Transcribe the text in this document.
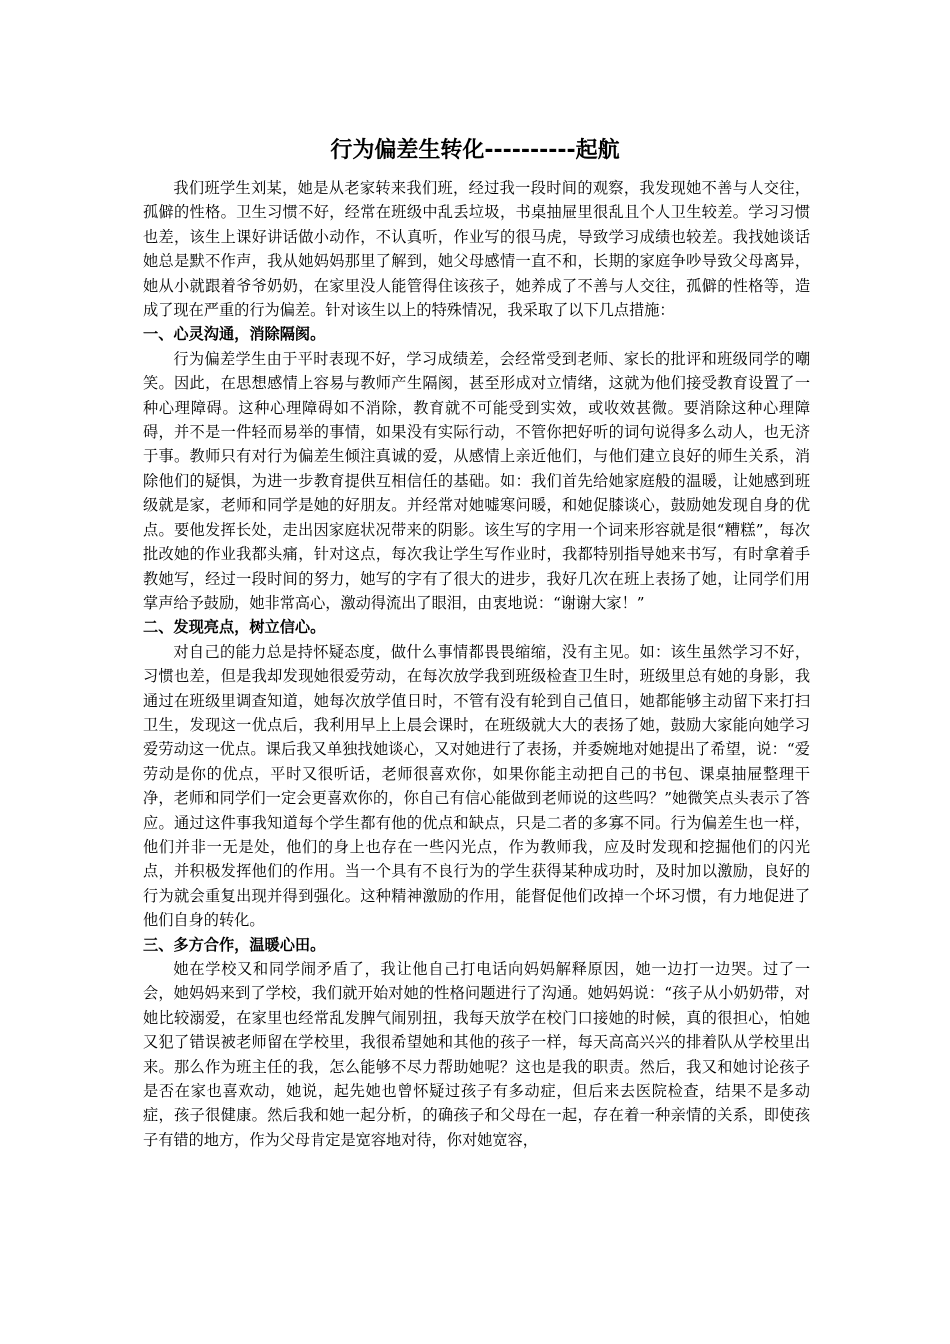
行为偏差生转化----------起航

我们班学生刘某，她是从老家转来我们班，经过我一段时间的观察，我发现她不善与人交往，孤僻的性格。卫生习惯不好，经常在班级中乱丢垃圾，书桌抽屉里很乱且个人卫生较差。学习习惯也差，该生上课好讲话做小动作，不认真听，作业写的很马虎，导致学习成绩也较差。我找她谈话她总是默不作声，我从她妈妈那里了解到，她父母感情一直不和，长期的家庭争吵导致父母离异，她从小就跟着爷爷奶奶，在家里没人能管得住该孩子，她养成了不善与人交往，孤僻的性格等，造成了现在严重的行为偏差。针对该生以上的特殊情况，我采取了以下几点措施：

一、心灵沟通，消除隔阂。

行为偏差学生由于平时表现不好，学习成绩差，会经常受到老师、家长的批评和班级同学的嘲笑。因此，在思想感情上容易与教师产生隔阂，甚至形成对立情绪，这就为他们接受教育设置了一种心理障碍。这种心理障碍如不消除，教育就不可能受到实效，或收效甚微。要消除这种心理障碍，并不是一件轻而易举的事情，如果没有实际行动，不管你把好听的词句说得多么动人，也无济于事。教师只有对行为偏差生倾注真诚的爱，从感情上亲近他们，与他们建立良好的师生关系，消除他们的疑惧，为进一步教育提供互相信任的基础。如：我们首先给她家庭般的温暖，让她感到班级就是家，老师和同学是她的好朋友。并经常对她嘘寒问暖，和她促膝谈心，鼓励她发现自身的优点。要他发挥长处，走出因家庭状况带来的阴影。该生写的字用一个词来形容就是很“糟糕”，每次批改她的作业我都头痛，针对这点，每次我让学生写作业时，我都特别指导她来书写，有时拿着手教她写，经过一段时间的努力，她写的字有了很大的进步，我好几次在班上表扬了她，让同学们用掌声给予鼓励，她非常高心，激动得流出了眼泪，由衷地说：“谢谢大家！”

二、发现亮点，树立信心。

对自己的能力总是持怀疑态度，做什么事情都畏畏缩缩，没有主见。如：该生虽然学习不好，习惯也差，但是我却发现她很爱劳动，在每次放学我到班级检查卫生时，班级里总有她的身影，我通过在班级里调查知道，她每次放学值日时，不管有没有轮到自己值日，她都能够主动留下来打扫卫生，发现这一优点后，我利用早上上晨会课时，在班级就大大的表扬了她，鼓励大家能向她学习爱劳动这一优点。课后我又单独找她谈心，又对她进行了表扬，并委婉地对她提出了希望，说：“爱劳动是你的优点，平时又很听话，老师很喜欢你，如果你能主动把自己的书包、课桌抽屉整理干净，老师和同学们一定会更喜欢你的，你自己有信心能做到老师说的这些吗？”她微笑点头表示了答应。通过这件事我知道每个学生都有他的优点和缺点，只是二者的多寡不同。行为偏差生也一样，他们并非一无是处，他们的身上也存在一些闪光点，作为教师我，应及时发现和挖掘他们的闪光点，并积极发挥他们的作用。当一个具有不良行为的学生获得某种成功时，及时加以激励，良好的行为就会重复出现并得到强化。这种精神激励的作用，能督促他们改掉一个坏习惯，有力地促进了他们自身的转化。

三、多方合作，温暖心田。

她在学校又和同学闹矛盾了，我让他自己打电话向妈妈解释原因，她一边打一边哭。过了一会，她妈妈来到了学校，我们就开始对她的性格问题进行了沟通。她妈妈说：“孩子从小奶奶带，对她比较溺爱，在家里也经常乱发脾气闹别扭，我每天放学在校门口接她的时候，真的很担心，怕她又犯了错误被老师留在学校里，我很希望她和其他的孩子一样，每天高高兴兴的排着队从学校里出来。那么作为班主任的我，怎么能够不尽力帮助她呢？这也是我的职责。然后，我又和她讨论孩子是否在家也喜欢动，她说，起先她也曾怀疑过孩子有多动症，但后来去医院检查，结果不是多动症，孩子很健康。然后我和她一起分析，的确孩子和父母在一起，存在着一种亲情的关系，即使孩子有错的地方，作为父母肯定是宽容地对待，你对她宽容，
